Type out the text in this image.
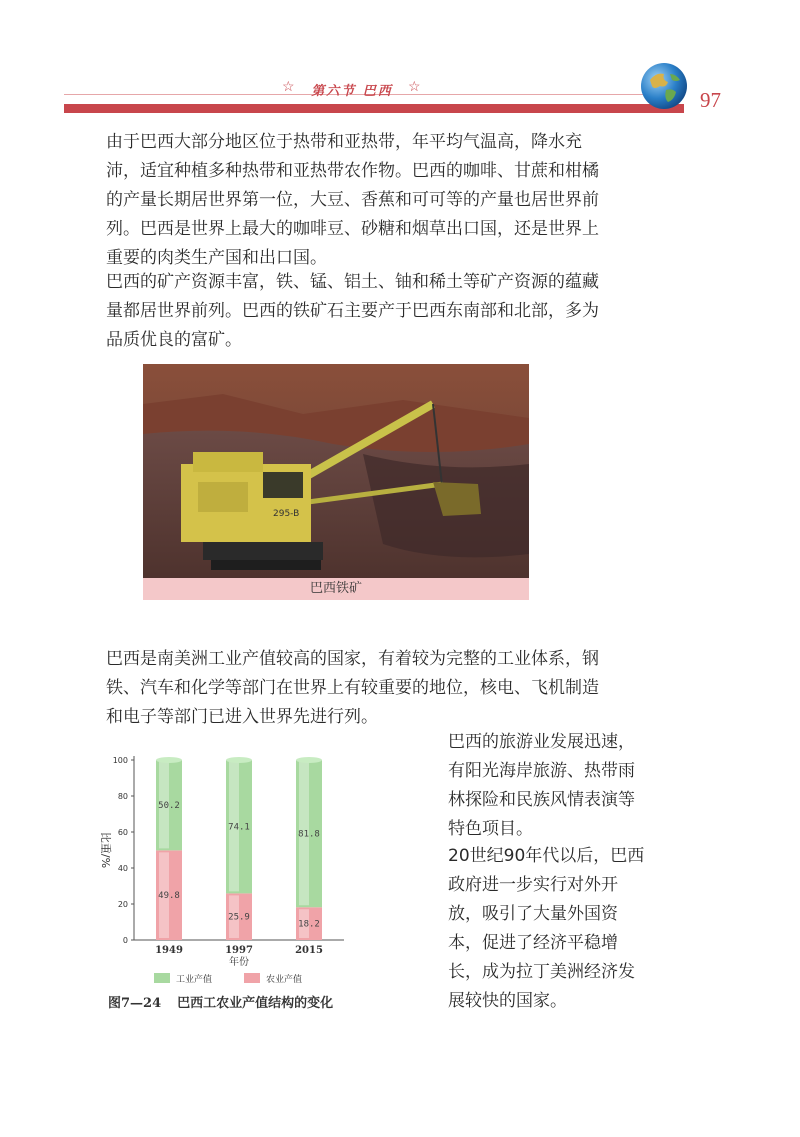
☆	第六节 巴西	☆
97

由于巴西大部分地区位于热带和亚热带，年平均气温高，降水充沛，适宜种植多种热带和亚热带农作物。巴西的咖啡、甘蔗和柑橘的产量长期居世界第一位，大豆、香蕉和可可等的产量也居世界前列。巴西是世界上最大的咖啡豆、砂糖和烟草出口国，还是世界上重要的肉类生产国和出口国。

巴西的矿产资源丰富，铁、锰、铝土、铀和稀土等矿产资源的蕴藏量都居世界前列。巴西的铁矿石主要产于巴西东南部和北部，多为品质优良的富矿。

295-B
巴西铁矿

巴西是南美洲工业产值较高的国家，有着较为完整的工业体系，钢铁、汽车和化学等部门在世界上有较重要的地位，核电、飞机制造和电子等部门已进入世界先进行列。

0
20
40
60
80
100
比重/%
49.8
50.2
1949
25.9
74.1
1997
18.2
81.8
2015
年份
工业产值	农业产值
图7—24 巴西工农业产值结构的变化

巴西的旅游业发展迅速，有阳光海岸旅游、热带雨林探险和民族风情表演等特色项目。

20世纪90年代以后，巴西政府进一步实行对外开放，吸引了大量外国资本，促进了经济平稳增长，成为拉丁美洲经济发展较快的国家。
